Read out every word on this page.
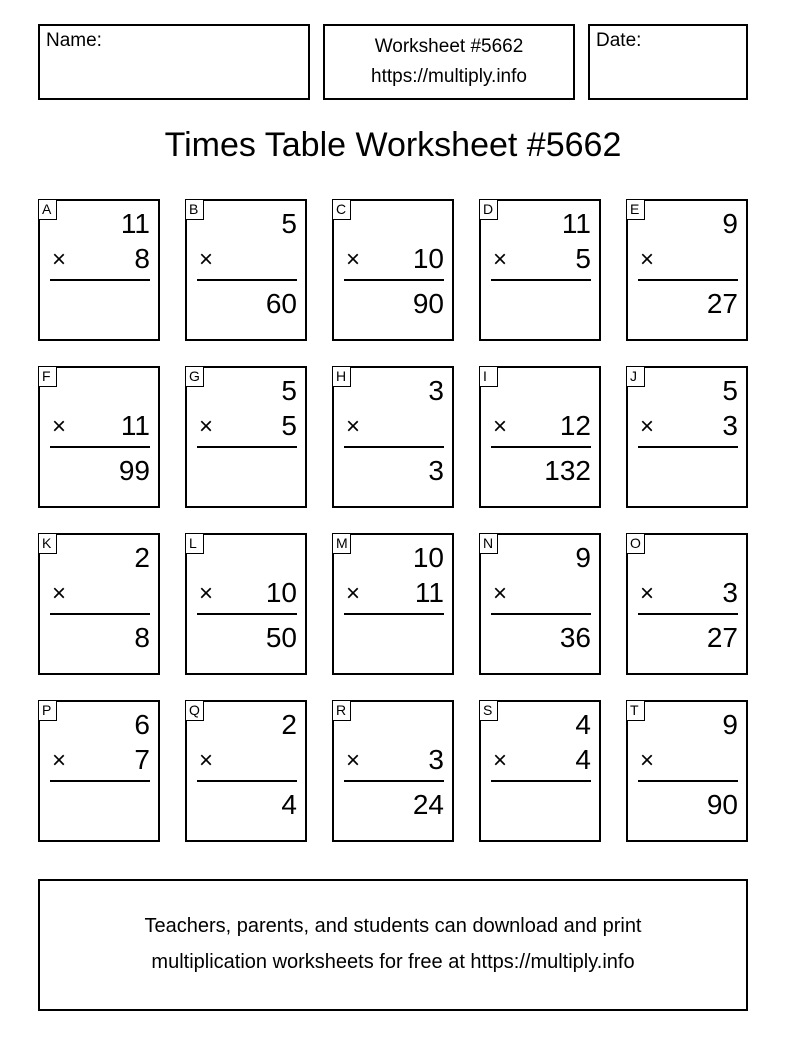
Name:	Worksheet #5662
https://multiply.info
Date:
Times Table Worksheet #5662
A 11
× 8
B	5
×
60
C
× 10
90
D 11
× 5
E	9
×
27
F
× 11
99
G	5
× 5
H	3
×
3
I
× 12
132
J	5
× 3
K	2
×
8
L
× 10
50
M 10
× 11
N	9
×
36
O
× 3
27
P	6
× 7
Q	2
×
4
R
× 3
24
S	4
× 4
T	9
×
90
Teachers, parents, and students can download and print
multiplication worksheets for free at https://multiply.info
